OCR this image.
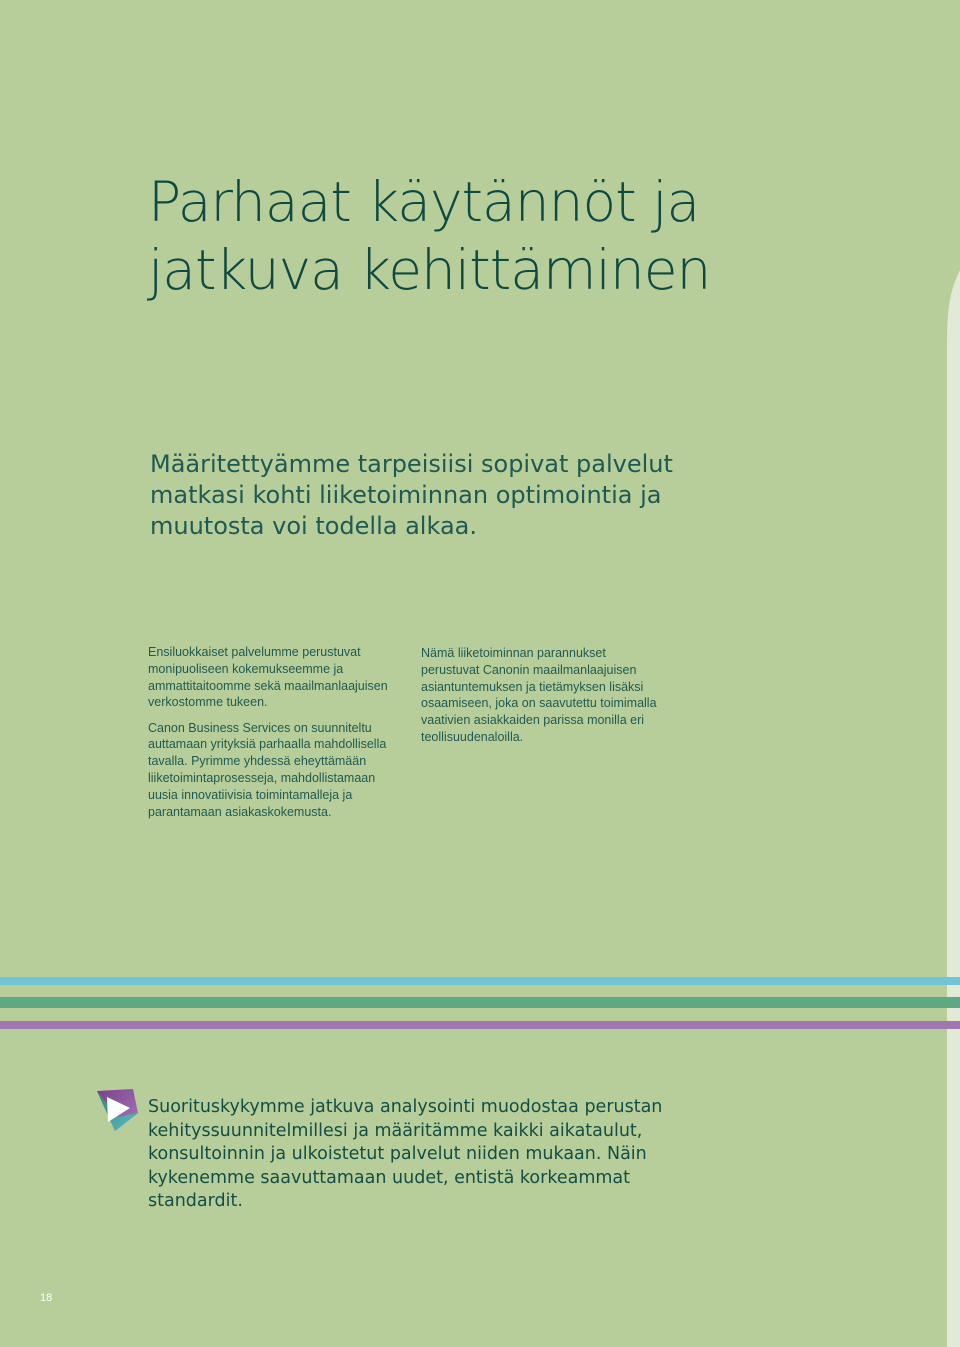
Parhaat käytännöt ja
jatkuva kehittäminen
Määritettyämme tarpeisiisi sopivat palvelut
matkasi kohti liiketoiminnan optimointia ja
muutosta voi todella alkaa.
Ensiluokkaiset palvelumme perustuvat
monipuoliseen kokemukseemme ja
ammattitaitoomme sekä maailmanlaajuisen
verkostomme tukeen.
Canon Business Services on suunniteltu
auttamaan yrityksiä parhaalla mahdollisella
tavalla. Pyrimme yhdessä eheyttämään
liiketoimintaprosesseja, mahdollistamaan
uusia innovatiivisia toimintamalleja ja
parantamaan asiakaskokemusta.
Nämä liiketoiminnan parannukset
perustuvat Canonin maailmanlaajuisen
asiantuntemuksen ja tietämyksen lisäksi
osaamiseen, joka on saavutettu toimimalla
vaativien asiakkaiden parissa monilla eri
teollisuudenaloilla.
Suorituskykymme jatkuva analysointi muodostaa perustan
kehityssuunnitelmillesi ja määritämme kaikki aikataulut,
konsultoinnin ja ulkoistetut palvelut niiden mukaan. Näin
kykenemme saavuttamaan uudet, entistä korkeammat
standardit.
18
